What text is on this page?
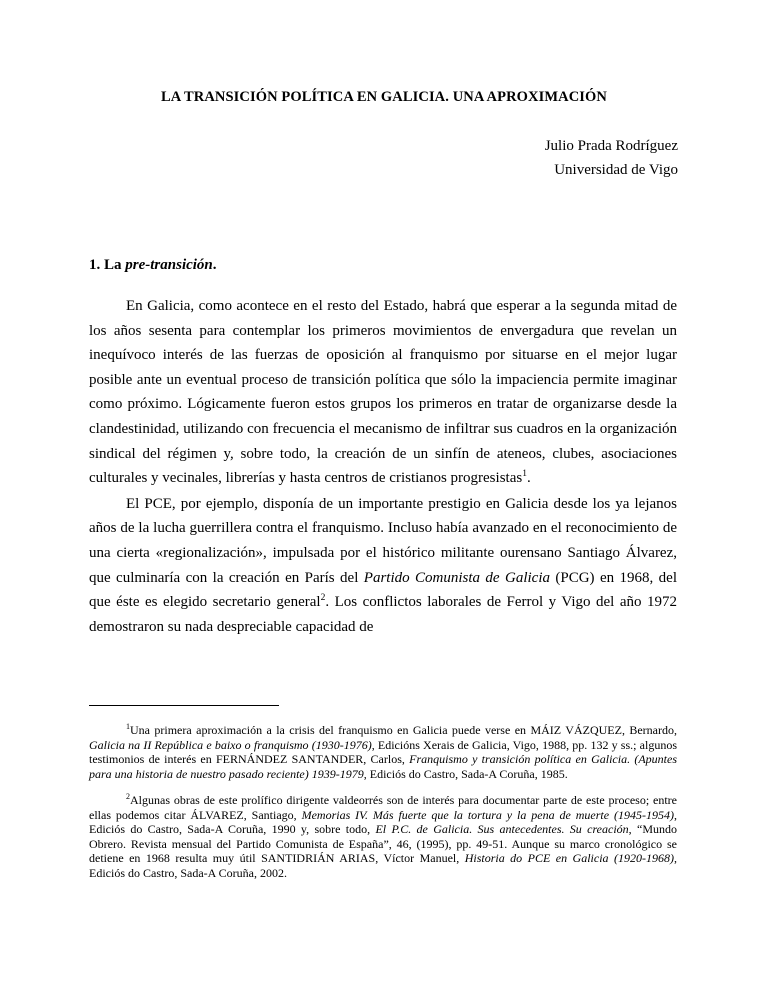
LA TRANSICIÓN POLÍTICA EN GALICIA. UNA APROXIMACIÓN
Julio Prada Rodríguez
Universidad de Vigo
1. La pre-transición.

En Galicia, como acontece en el resto del Estado, habrá que esperar a la segunda mitad de los años sesenta para contemplar los primeros movimientos de envergadura que revelan un inequívoco interés de las fuerzas de oposición al franquismo por situarse en el mejor lugar posible ante un eventual proceso de transición política que sólo la impaciencia permite imaginar como próximo. Lógicamente fueron estos grupos los primeros en tratar de organizarse desde la clandestinidad, utilizando con frecuencia el mecanismo de infiltrar sus cuadros en la organización sindical del régimen y, sobre todo, la creación de un sinfín de ateneos, clubes, asociaciones culturales y vecinales, librerías y hasta centros de cristianos progresistas$^1$.

El PCE, por ejemplo, disponía de un importante prestigio en Galicia desde los ya lejanos años de la lucha guerrillera contra el franquismo. Incluso había avanzado en el reconocimiento de una cierta «regionalización», impulsada por el histórico militante ourensano Santiago Álvarez, que culminaría con la creación en París del Partido Comunista de Galicia (PCG) en 1968, del que éste es elegido secretario general$^2$. Los conflictos laborales de Ferrol y Vigo del año 1972 demostraron su nada despreciable capacidad de

$^1$Una primera aproximación a la crisis del franquismo en Galicia puede verse en MÁIZ VÁZQUEZ, Bernardo, Galicia na II República e baixo o franquismo (1930-1976), Edicións Xerais de Galicia, Vigo, 1988, pp. 132 y ss.; algunos testimonios de interés en FERNÁNDEZ SANTANDER, Carlos, Franquismo y transición política en Galicia. (Apuntes para una historia de nuestro pasado reciente) 1939-1979, Ediciós do Castro, Sada-A Coruña, 1985.

$^2$Algunas obras de este prolífico dirigente valdeorrés son de interés para documentar parte de este proceso; entre ellas podemos citar ÁLVAREZ, Santiago, Memorias IV. Más fuerte que la tortura y la pena de muerte (1945-1954), Ediciós do Castro, Sada-A Coruña, 1990 y, sobre todo, El P.C. de Galicia. Sus antecedentes. Su creación, “Mundo Obrero. Revista mensual del Partido Comunista de España”, 46, (1995), pp. 49-51. Aunque su marco cronológico se detiene en 1968 resulta muy útil SANTIDRIÁN ARIAS, Víctor Manuel, Historia do PCE en Galicia (1920-1968), Ediciós do Castro, Sada-A Coruña, 2002.
